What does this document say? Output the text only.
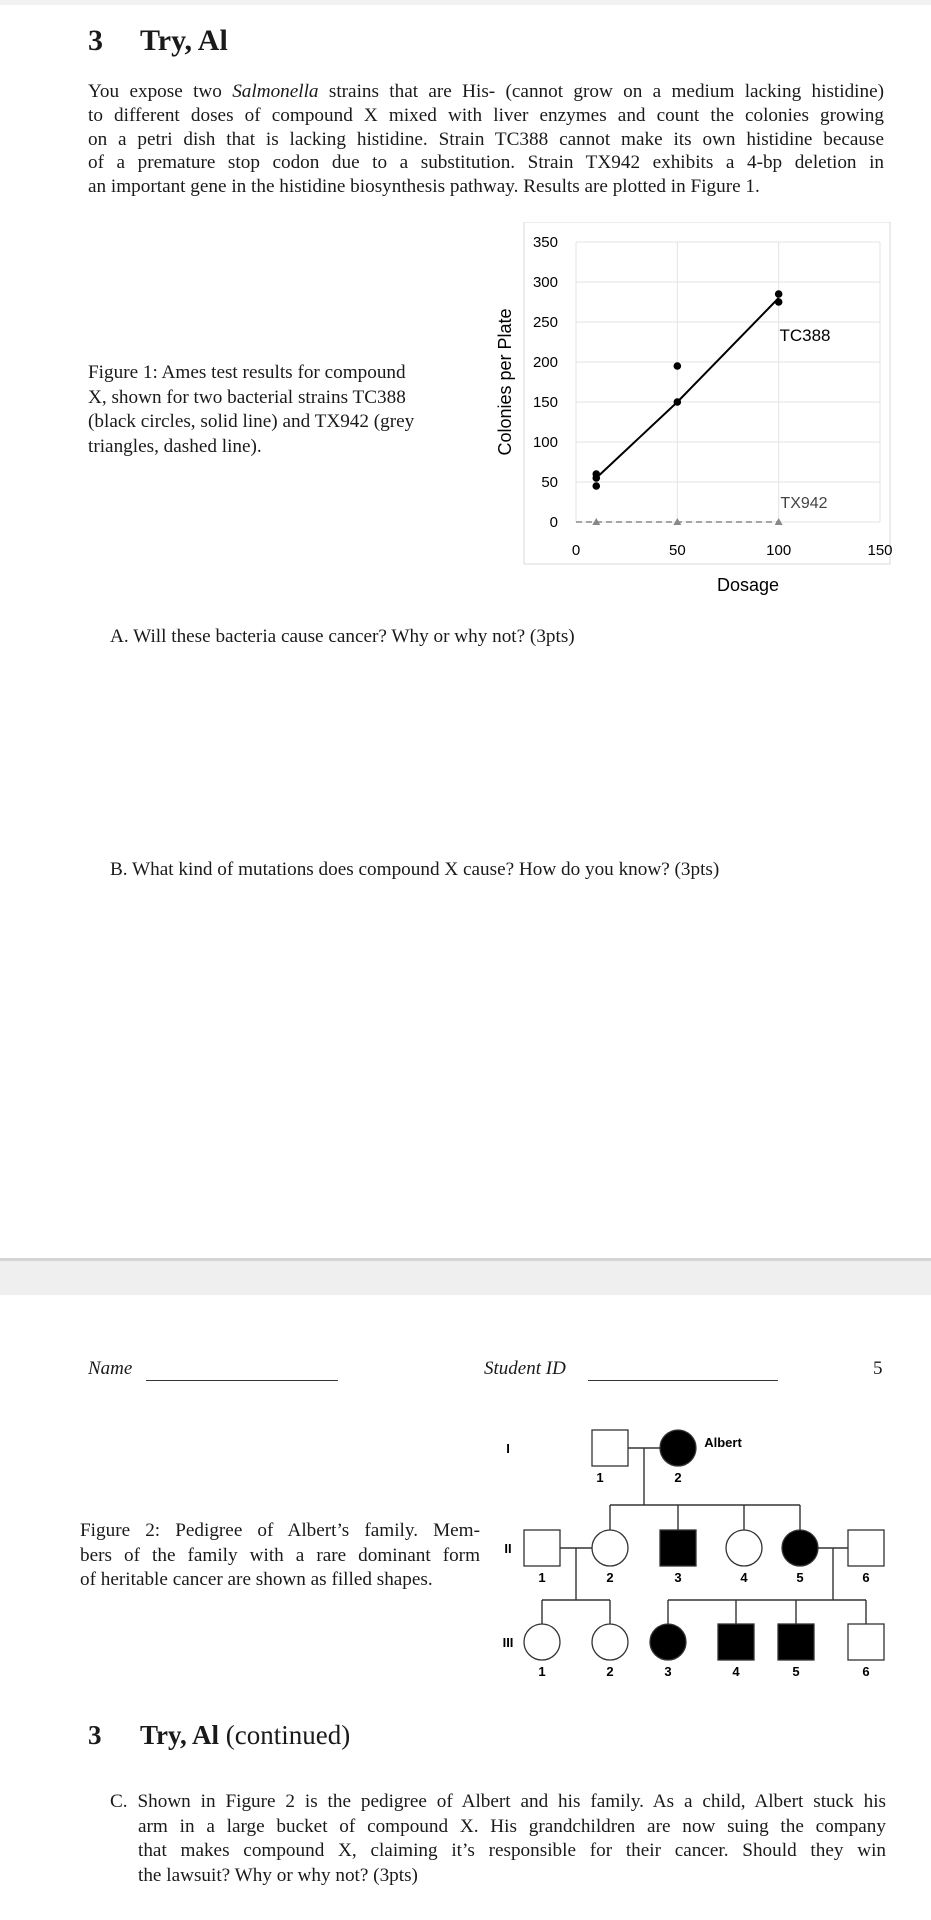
3 Try, Al
You expose two Salmonella strains that are His- (cannot grow on a medium lacking histidine)
to different doses of compound X mixed with liver enzymes and count the colonies growing
on a petri dish that is lacking histidine. Strain TC388 cannot make its own histidine because
of a premature stop codon due to a substitution. Strain TX942 exhibits a 4-bp deletion in
an important gene in the histidine biosynthesis pathway. Results are plotted in Figure 1.
Figure 1: Ames test results for compound
X, shown for two bacterial strains TC388
(black circles, solid line) and TX942 (grey
triangles, dashed line).
0
50
100
150
200
250
300
350
0	50	100	150
Colonies per Plate
Dosage
TC388
TX942
A. Will these bacteria cause cancer? Why or why not? (3pts)
B. What kind of mutations does compound X cause? How do you know? (3pts)
Name	Student ID	5
Figure 2: Pedigree of Albert’s family. Mem-
bers of the family with a rare dominant form
of heritable cancer are shown as filled shapes.
I
II
III
1	2
Albert
1	2	3	4	5	6
1	2	3	4	5	6
3 Try, Al (continued)
C. Shown in Figure 2 is the pedigree of Albert and his family. As a child, Albert stuck his
arm in a large bucket of compound X. His grandchildren are now suing the company
that makes compound X, claiming it’s responsible for their cancer. Should they win
the lawsuit? Why or why not? (3pts)
